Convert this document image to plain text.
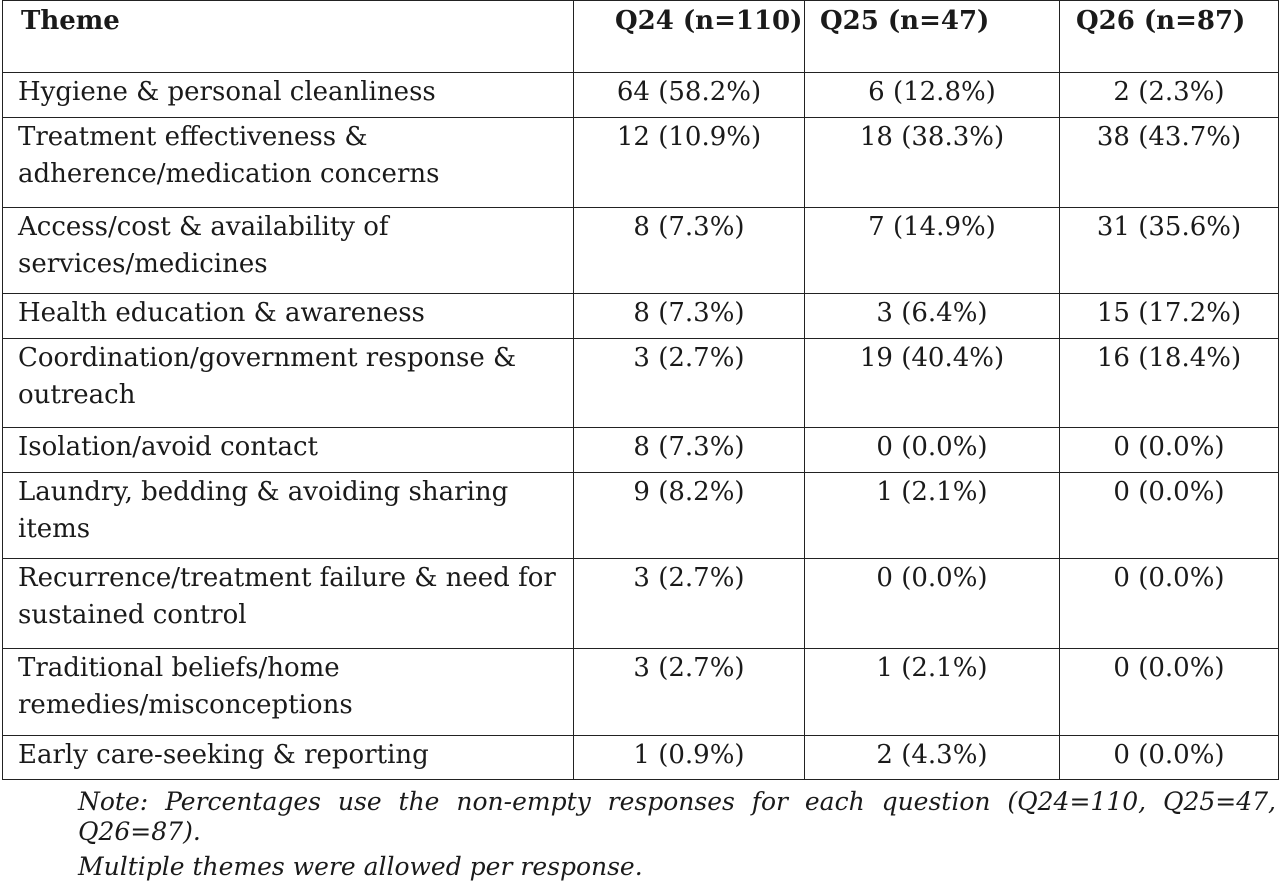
Theme	Q24 (n=110)	Q25 (n=47)	Q26 (n=87)
Hygiene & personal cleanliness	64 (58.2%)	6 (12.8%)	2 (2.3%)
Treatment effectiveness & adherence/medication concerns	12 (10.9%)	18 (38.3%)	38 (43.7%)
Access/cost & availability of services/medicines	8 (7.3%)	7 (14.9%)	31 (35.6%)
Health education & awareness	8 (7.3%)	3 (6.4%)	15 (17.2%)
Coordination/government response & outreach	3 (2.7%)	19 (40.4%)	16 (18.4%)
Isolation/avoid contact	8 (7.3%)	0 (0.0%)	0 (0.0%)
Laundry, bedding & avoiding sharing items	9 (8.2%)	1 (2.1%)	0 (0.0%)
Recurrence/treatment failure & need for sustained control	3 (2.7%)	0 (0.0%)	0 (0.0%)
Traditional beliefs/home remedies/misconceptions	3 (2.7%)	1 (2.1%)	0 (0.0%)
Early care-seeking & reporting	1 (0.9%)	2 (4.3%)	0 (0.0%)
Note: Percentages use the non-empty responses for each question (Q24=110, Q25=47, Q26=87).
Multiple themes were allowed per response.
